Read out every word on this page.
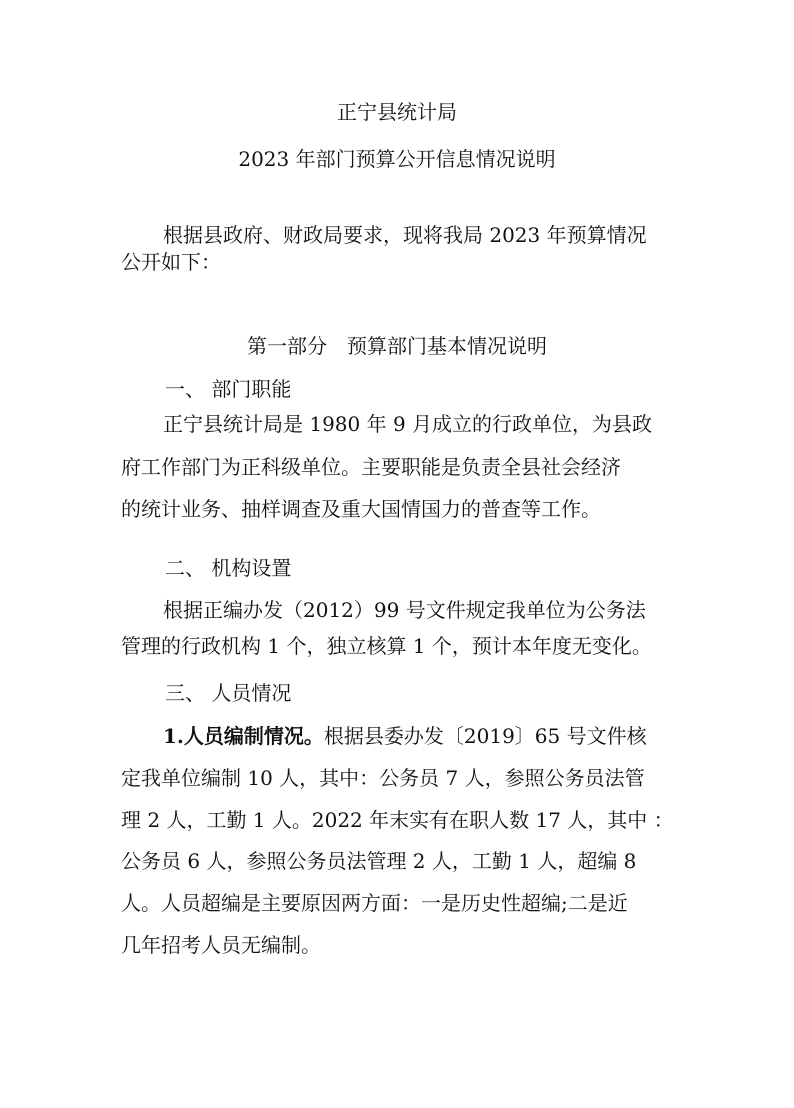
正宁县统计局
2023 年部门预算公开信息情况说明
根据县政府、财政局要求，现将我局 2023 年预算情况
公开如下：
第一部分　预算部门基本情况说明
一、 部门职能
正宁县统计局是 1980 年 9 月成立的行政单位，为县政
府工作部门为正科级单位。主要职能是负责全县社会经济
的统计业务、抽样调查及重大国情国力的普查等工作。
二、 机构设置
根据正编办发（2012）99 号文件规定我单位为公务法
管理的行政机构 1 个，独立核算 1 个，预计本年度无变化。
三、 人员情况
1.人员编制情况。根据县委办发〔2019〕65 号文件核
定我单位编制 10 人，其中：公务员 7 人，参照公务员法管
理 2 人，工勤 1 人。2022 年末实有在职人数 17 人，其中 ：
公务员 6 人，参照公务员法管理 2 人，工勤 1 人，超编 8
人。人员超编是主要原因两方面：一是历史性超编;二是近
几年招考人员无编制。
